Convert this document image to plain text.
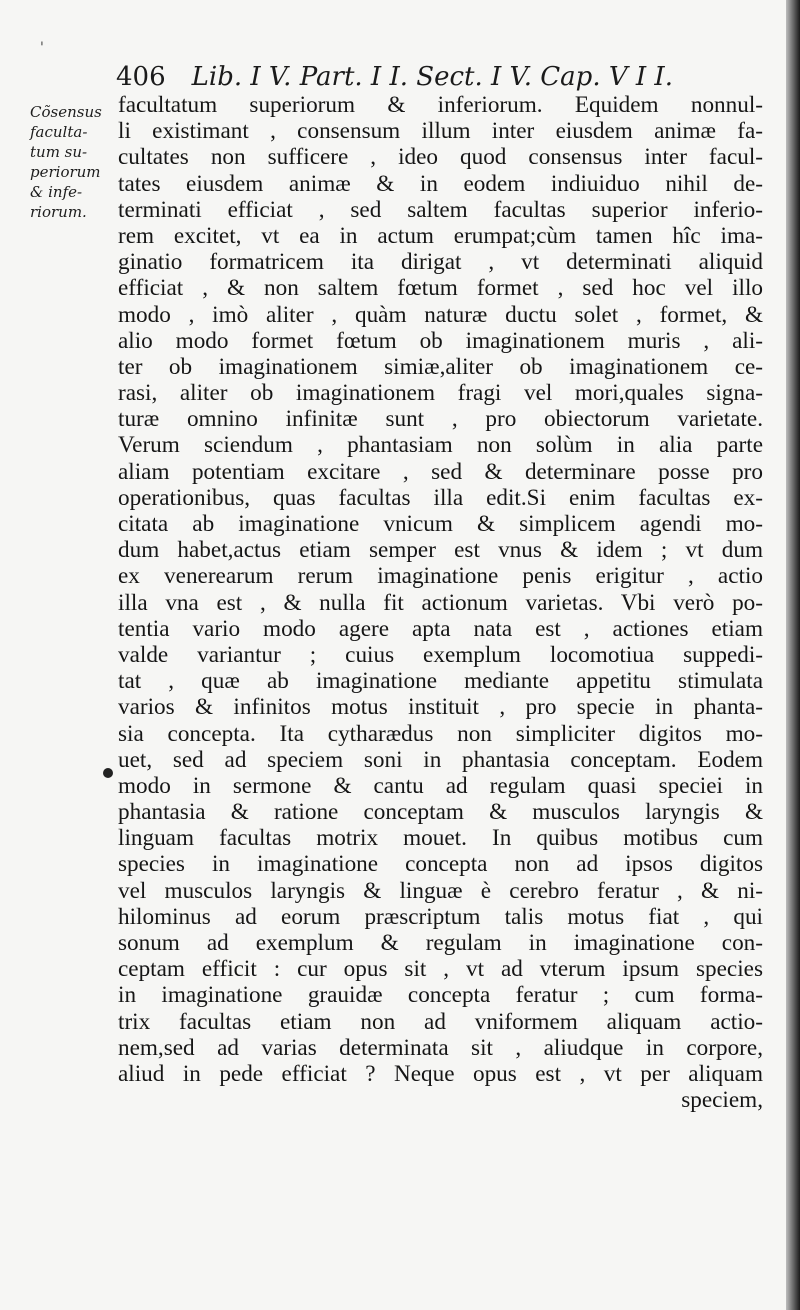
'
406 Lib. I V. Part. I I. Sect. I V. Cap. V I I.
Cõsensus
faculta-
tum su-
periorum
& infe-
riorum.
facultatum superiorum & inferiorum. Equidem nonnul-
li existimant , consensum illum inter eiusdem animæ fa-
cultates non sufficere , ideo quod consensus inter facul-
tates eiusdem animæ & in eodem indiuiduo nihil de-
terminati efficiat , sed saltem facultas superior inferio-
rem excitet, vt ea in actum erumpat;cùm tamen hîc ima-
ginatio formatricem ita dirigat , vt determinati aliquid
efficiat , & non saltem fœtum formet , sed hoc vel illo
modo , imò aliter , quàm naturæ ductu solet , formet, &
alio modo formet fœtum ob imaginationem muris , ali-
ter ob imaginationem simiæ,aliter ob imaginationem ce-
rasi, aliter ob imaginationem fragi vel mori,quales signa-
turæ omnino infinitæ sunt , pro obiectorum varietate.
Verum sciendum , phantasiam non solùm in alia parte
aliam potentiam excitare , sed & determinare posse pro
operationibus, quas facultas illa edit.Si enim facultas ex-
citata ab imaginatione vnicum & simplicem agendi mo-
dum habet,actus etiam semper est vnus & idem ; vt dum
ex venerearum rerum imaginatione penis erigitur , actio
illa vna est , & nulla fit actionum varietas. Vbi verò po-
tentia vario modo agere apta nata est , actiones etiam
valde variantur ; cuius exemplum locomotiua suppedi-
tat , quæ ab imaginatione mediante appetitu stimulata
varios & infinitos motus instituit , pro specie in phanta-
sia concepta. Ita cytharædus non simpliciter digitos mo-
uet, sed ad speciem soni in phantasia conceptam. Eodem
modo in sermone & cantu ad regulam quasi speciei in
phantasia & ratione conceptam & musculos laryngis &
linguam facultas motrix mouet. In quibus motibus cum
species in imaginatione concepta non ad ipsos digitos
vel musculos laryngis & linguæ è cerebro feratur , & ni-
hilominus ad eorum præscriptum talis motus fiat , qui
sonum ad exemplum & regulam in imaginatione con-
ceptam efficit : cur opus sit , vt ad vterum ipsum species
in imaginatione grauidæ concepta feratur ; cum forma-
trix facultas etiam non ad vniformem aliquam actio-
nem,sed ad varias determinata sit , aliudque in corpore,
aliud in pede efficiat ? Neque opus est , vt per aliquam
speciem,
